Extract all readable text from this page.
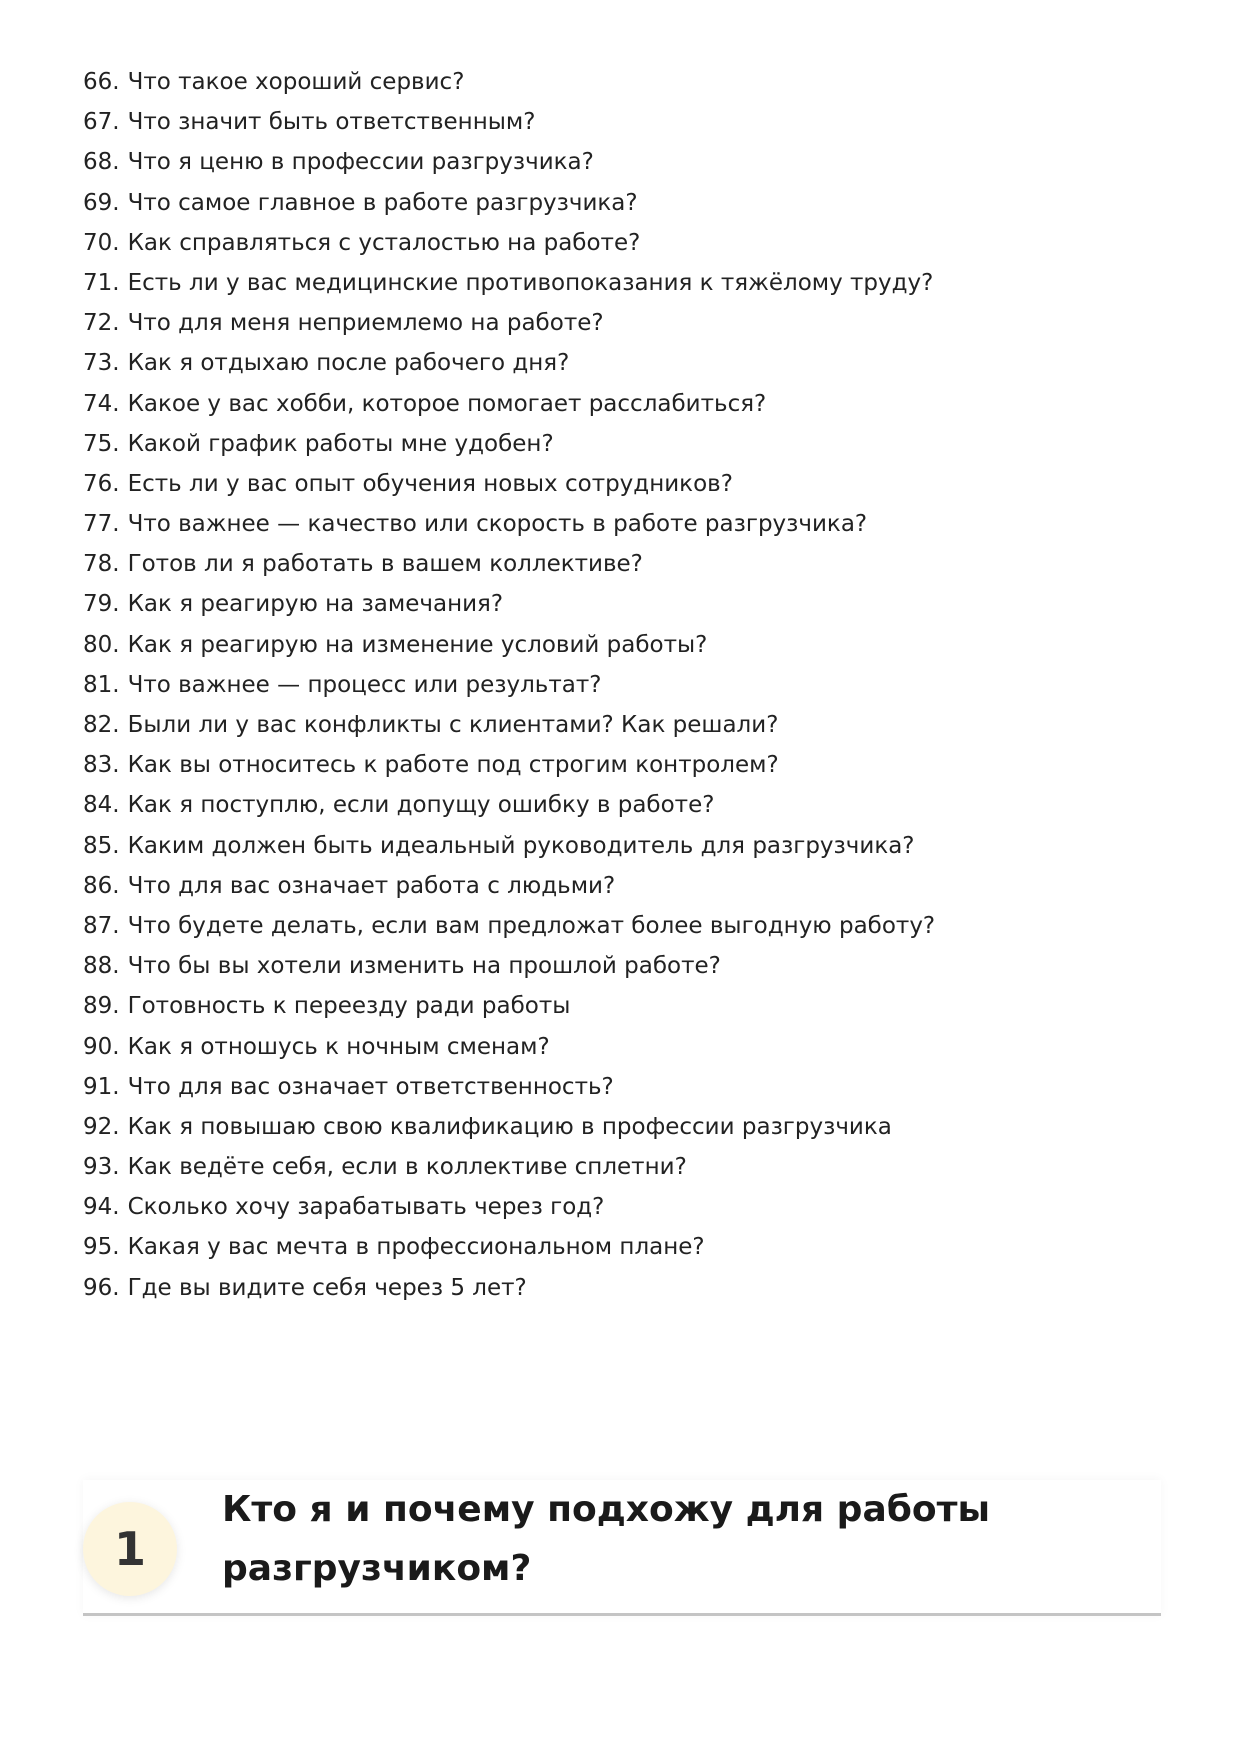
66. Что такое хороший сервис?
67. Что значит быть ответственным?
68. Что я ценю в профессии разгрузчика?
69. Что самое главное в работе разгрузчика?
70. Как справляться с усталостью на работе?
71. Есть ли у вас медицинские противопоказания к тяжёлому труду?
72. Что для меня неприемлемо на работе?
73. Как я отдыхаю после рабочего дня?
74. Какое у вас хобби, которое помогает расслабиться?
75. Какой график работы мне удобен?
76. Есть ли у вас опыт обучения новых сотрудников?
77. Что важнее — качество или скорость в работе разгрузчика?
78. Готов ли я работать в вашем коллективе?
79. Как я реагирую на замечания?
80. Как я реагирую на изменение условий работы?
81. Что важнее — процесс или результат?
82. Были ли у вас конфликты с клиентами? Как решали?
83. Как вы относитесь к работе под строгим контролем?
84. Как я поступлю, если допущу ошибку в работе?
85. Каким должен быть идеальный руководитель для разгрузчика?
86. Что для вас означает работа с людьми?
87. Что будете делать, если вам предложат более выгодную работу?
88. Что бы вы хотели изменить на прошлой работе?
89. Готовность к переезду ради работы
90. Как я отношусь к ночным сменам?
91. Что для вас означает ответственность?
92. Как я повышаю свою квалификацию в профессии разгрузчика
93. Как ведёте себя, если в коллективе сплетни?
94. Сколько хочу зарабатывать через год?
95. Какая у вас мечта в профессиональном плане?
96. Где вы видите себя через 5 лет?
1
Кто я и почему подхожу для работы
разгрузчиком?
